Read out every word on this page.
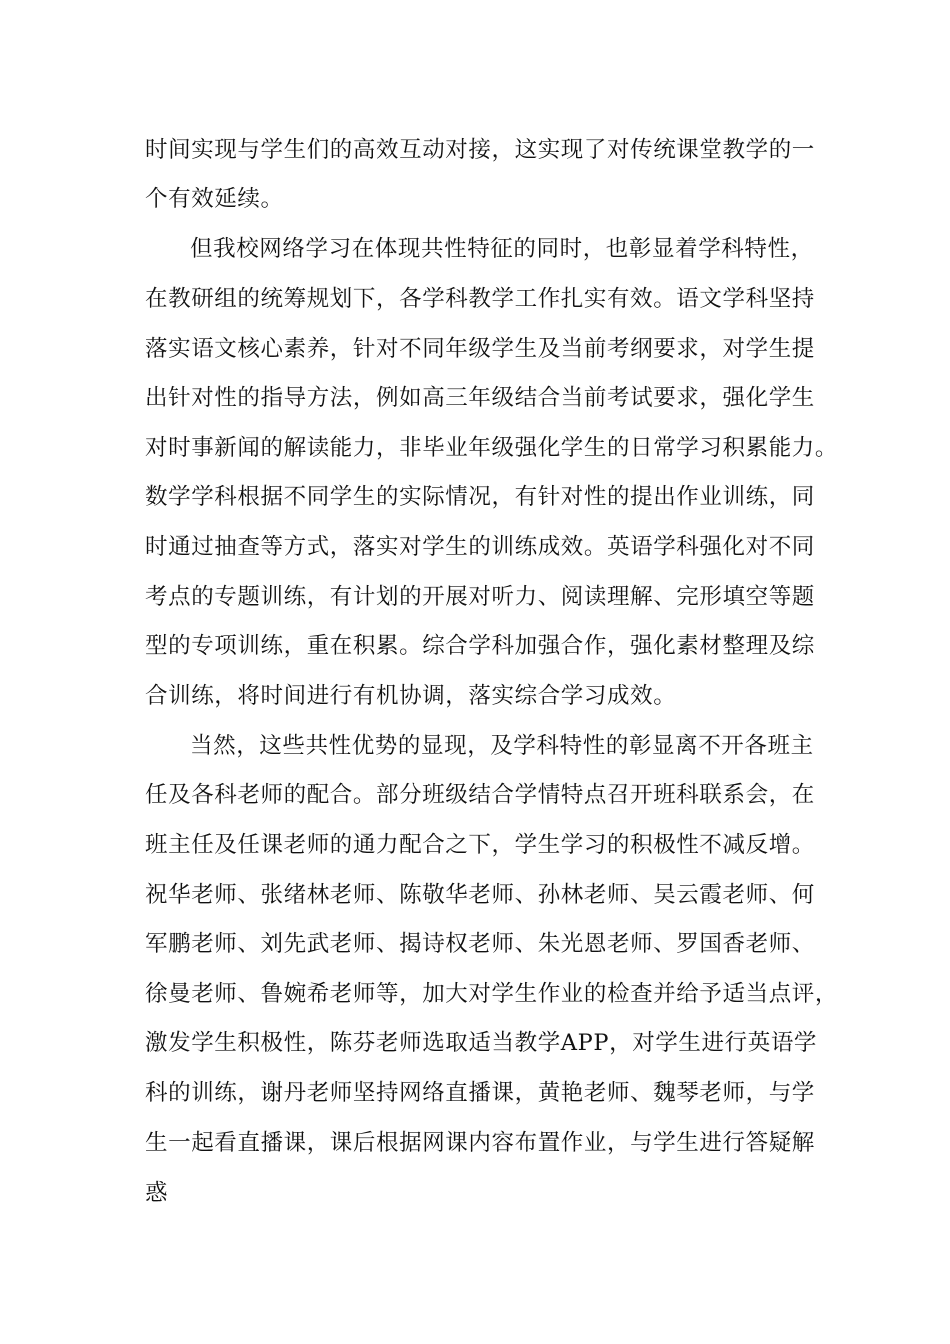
时间实现与学生们的高效互动对接，这实现了对传统课堂教学的一

个有效延续。

但我校网络学习在体现共性特征的同时，也彰显着学科特性，

在教研组的统筹规划下，各学科教学工作扎实有效。语文学科坚持

落实语文核心素养，针对不同年级学生及当前考纲要求，对学生提

出针对性的指导方法，例如高三年级结合当前考试要求，强化学生

对时事新闻的解读能力，非毕业年级强化学生的日常学习积累能力。

数学学科根据不同学生的实际情况，有针对性的提出作业训练，同

时通过抽查等方式，落实对学生的训练成效。英语学科强化对不同

考点的专题训练，有计划的开展对听力、阅读理解、完形填空等题

型的专项训练，重在积累。综合学科加强合作，强化素材整理及综

合训练，将时间进行有机协调，落实综合学习成效。

当然，这些共性优势的显现，及学科特性的彰显离不开各班主

任及各科老师的配合。部分班级结合学情特点召开班科联系会，在

班主任及任课老师的通力配合之下，学生学习的积极性不减反增。

祝华老师、张绪林老师、陈敬华老师、孙林老师、吴云霞老师、何

军鹏老师、刘先武老师、揭诗权老师、朱光恩老师、罗国香老师、

徐曼老师、鲁婉希老师等，加大对学生作业的检查并给予适当点评，

激发学生积极性，陈芬老师选取适当教学APP，对学生进行英语学

科的训练，谢丹老师坚持网络直播课，黄艳老师、魏琴老师，与学

生一起看直播课，课后根据网课内容布置作业，与学生进行答疑解

惑
